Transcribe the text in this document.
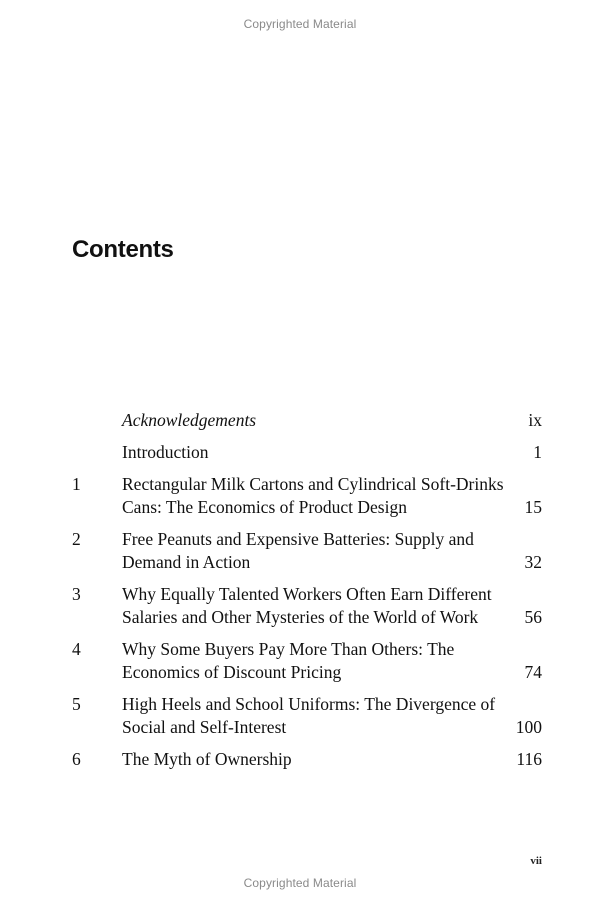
Copyrighted Material
Contents
Acknowledgements	ix
Introduction	1
1 Rectangular Milk Cartons and Cylindrical Soft-Drinks Cans: The Economics of Product Design	15
2 Free Peanuts and Expensive Batteries: Supply and Demand in Action	32
3 Why Equally Talented Workers Often Earn Different Salaries and Other Mysteries of the World of Work	56
4 Why Some Buyers Pay More Than Others: The Economics of Discount Pricing	74
5 High Heels and School Uniforms: The Divergence of Social and Self-Interest	100
6 The Myth of Ownership	116
vii
Copyrighted Material
